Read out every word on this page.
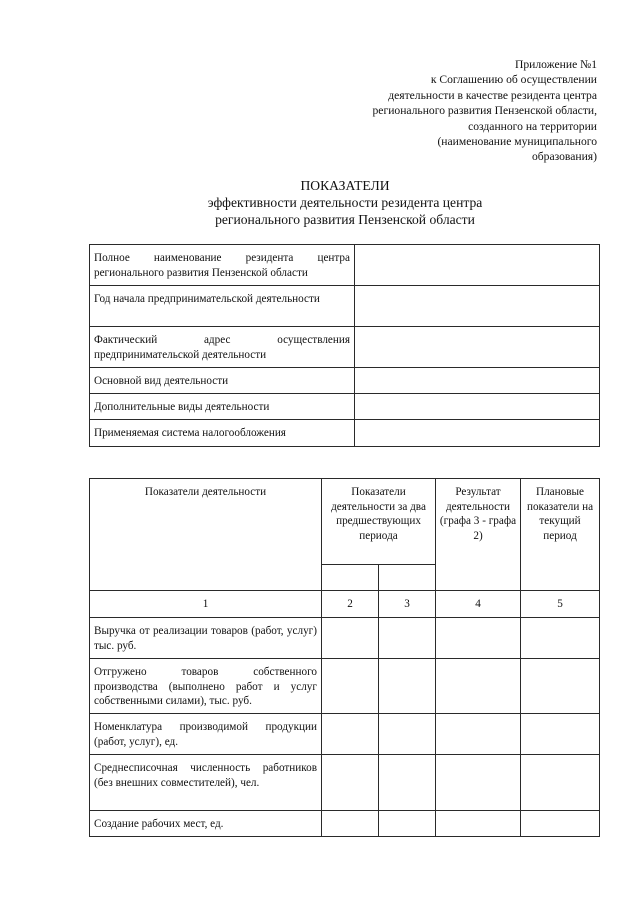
Приложение №1
к Соглашению об осуществлении
деятельности в качестве резидента центра
регионального развития Пензенской области,
созданного на территории
(наименование муниципального
образования)
ПОКАЗАТЕЛИ
эффективности деятельности резидента центра
регионального развития Пензенской области
Полное наименование резидента центра регионального развития Пензенской области	
Год начала предпринимательской деятельности	
Фактический адрес осуществления предпринимательской деятельности	
Основной вид деятельности	
Дополнительные виды деятельности	
Применяемая система налогообложения	
Показатели деятельности	Показатели деятельности за два предшествующих периода		Результат деятельности (графа 3 - графа 2)	Плановые показатели на текущий период

1	2	3	4	5
Выручка от реализации товаров (работ, услуг) тыс. руб.				
Отгружено товаров собственного производства (выполнено работ и услуг собственными силами), тыс. руб.				
Номенклатура производимой продукции (работ, услуг), ед.				
Среднесписочная численность работников (без внешних совместителей), чел.				
Создание рабочих мест, ед.				
